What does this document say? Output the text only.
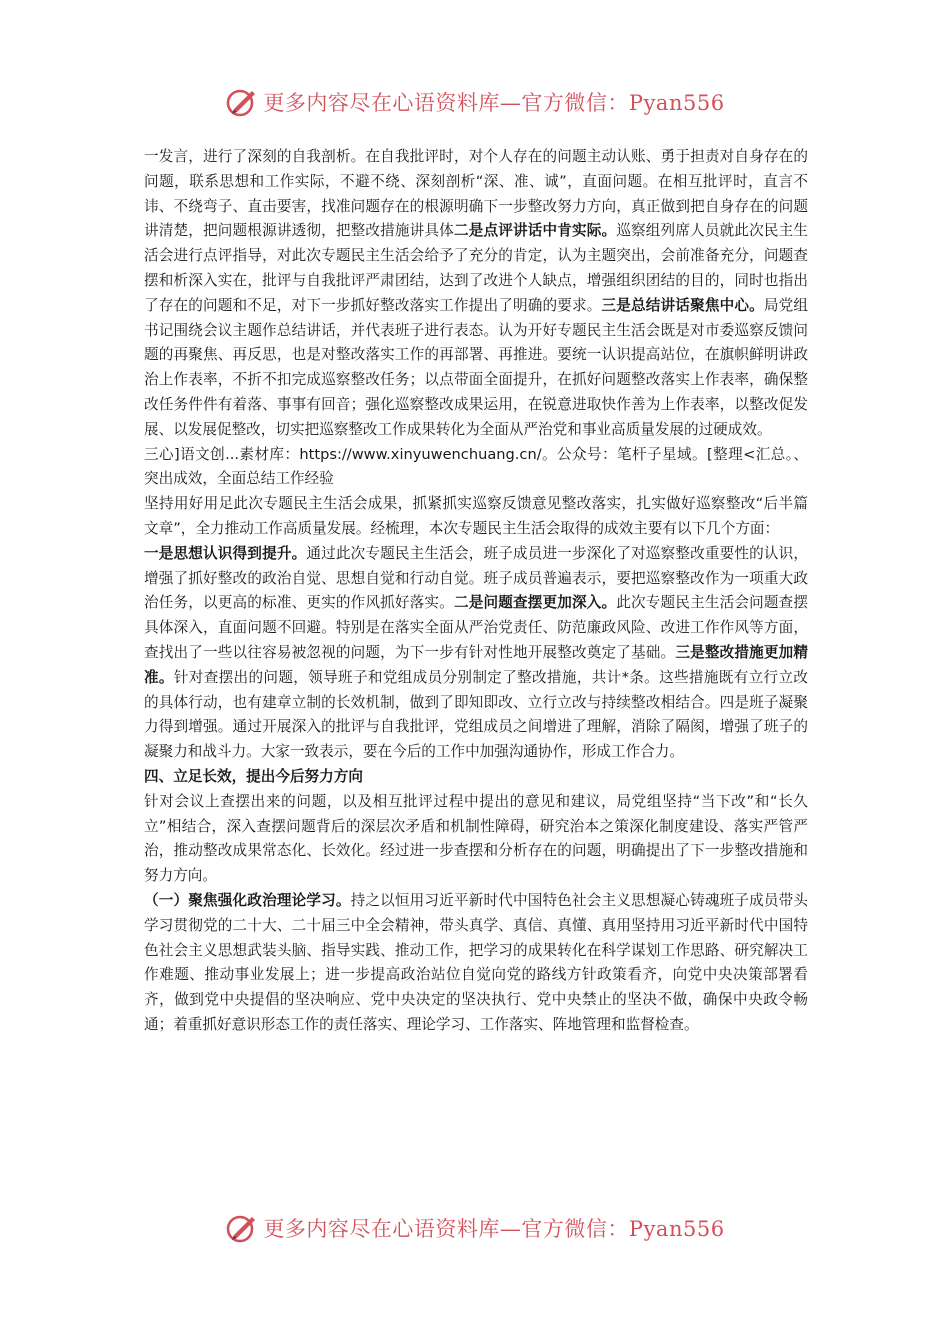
更多内容尽在心语资料库—官方微信：Pyan556

一发言，进行了深刻的自我剖析。在自我批评时，对个人存在的问题主动认账、勇于担责对自身存在的问题，联系思想和工作实际，不避不绕、深刻剖析“深、准、诚”，直面问题。在相互批评时，直言不讳、不绕弯子、直击要害，找准问题存在的根源明确下一步整改努力方向，真正做到把自身存在的问题讲清楚，把问题根源讲透彻，把整改措施讲具体二是点评讲话中肯实际。巡察组列席人员就此次民主生活会进行点评指导，对此次专题民主生活会给予了充分的肯定，认为主题突出，会前准备充分，问题查摆和析深入实在，批评与自我批评严肃团结，达到了改进个人缺点，增强组织团结的目的，同时也指出了存在的问题和不足，对下一步抓好整改落实工作提出了明确的要求。三是总结讲话聚焦中心。局党组书记围绕会议主题作总结讲话，并代表班子进行表态。认为开好专题民主生活会既是对市委巡察反馈问题的再聚焦、再反思，也是对整改落实工作的再部署、再推进。要统一认识提高站位，在旗帜鲜明讲政治上作表率，不折不扣完成巡察整改任务；以点带面全面提升，在抓好问题整改落实上作表率，确保整改任务件件有着落、事事有回音；强化巡察整改成果运用，在锐意进取快作善为上作表率，以整改促发展、以发展促整改，切实把巡察整改工作成果转化为全面从严治党和事业高质量发展的过硬成效。

三心]语文创...素材库：https://www.xinyuwenchuang.cn/。公众号：笔杆子星域。[整理<汇总。、突出成效，全面总结工作经验

坚持用好用足此次专题民主生活会成果，抓紧抓实巡察反馈意见整改落实，扎实做好巡察整改“后半篇文章”，全力推动工作高质量发展。经梳理，本次专题民主生活会取得的成效主要有以下几个方面：

一是思想认识得到提升。通过此次专题民主生活会，班子成员进一步深化了对巡察整改重要性的认识，增强了抓好整改的政治自觉、思想自觉和行动自觉。班子成员普遍表示，要把巡察整改作为一项重大政治任务，以更高的标准、更实的作风抓好落实。二是问题查摆更加深入。此次专题民主生活会问题查摆具体深入，直面问题不回避。特别是在落实全面从严治党责任、防范廉政风险、改进工作作风等方面，查找出了一些以往容易被忽视的问题，为下一步有针对性地开展整改奠定了基础。三是整改措施更加精准。针对查摆出的问题，领导班子和党组成员分别制定了整改措施，共计*条。这些措施既有立行立改的具体行动，也有建章立制的长效机制，做到了即知即改、立行立改与持续整改相结合。四是班子凝聚力得到增强。通过开展深入的批评与自我批评，党组成员之间增进了理解，消除了隔阂，增强了班子的凝聚力和战斗力。大家一致表示，要在今后的工作中加强沟通协作，形成工作合力。

四、立足长效，提出今后努力方向

针对会议上查摆出来的问题，以及相互批评过程中提出的意见和建议，局党组坚持“当下改”和“长久立”相结合，深入查摆问题背后的深层次矛盾和机制性障碍，研究治本之策深化制度建设、落实严管严治，推动整改成果常态化、长效化。经过进一步查摆和分析存在的问题，明确提出了下一步整改措施和努力方向。

（一）聚焦强化政治理论学习。持之以恒用习近平新时代中国特色社会主义思想凝心铸魂班子成员带头学习贯彻党的二十大、二十届三中全会精神，带头真学、真信、真懂、真用坚持用习近平新时代中国特色社会主义思想武装头脑、指导实践、推动工作，把学习的成果转化在科学谋划工作思路、研究解决工作难题、推动事业发展上；进一步提高政治站位自觉向党的路线方针政策看齐，向党中央决策部署看齐，做到党中央提倡的坚决响应、党中央决定的坚决执行、党中央禁止的坚决不做，确保中央政令畅通；着重抓好意识形态工作的责任落实、理论学习、工作落实、阵地管理和监督检查。

更多内容尽在心语资料库—官方微信：Pyan556
